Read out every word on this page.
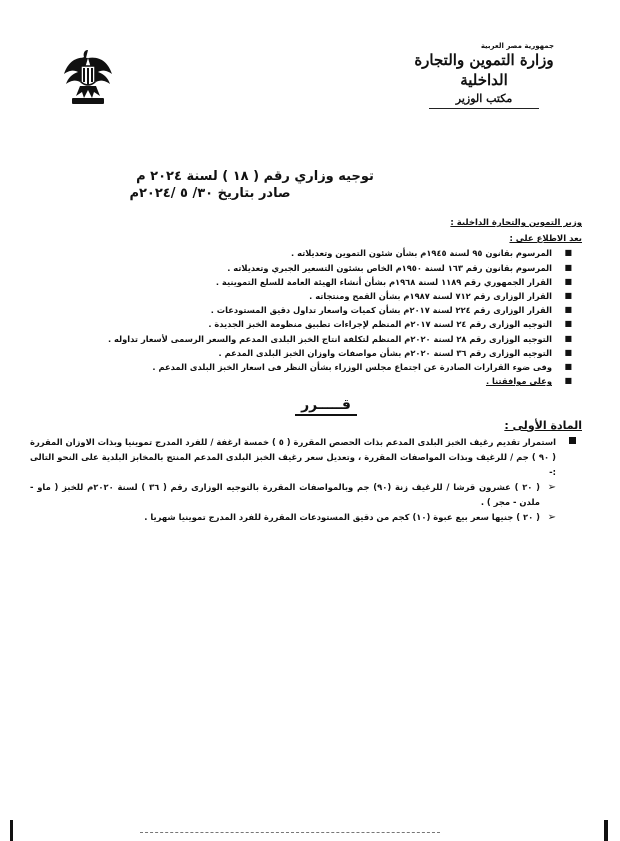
جمهورية مصر العربية
وزارة التموين والتجارة الداخلية
مكتب الوزير
توجيه وزاري رقم ( ١٨ ) لسنة ٢٠٢٤ م
صادر بتاريخ ٣٠/ ٥ /٢٠٢٤م
وزير التموين والتجارة الداخلية :
بعد الاطلاع على :
■
المرسوم بقانون ٩٥ لسنة ١٩٤٥م بشأن شئون التموين وتعديلاته .
■
المرسوم بقانون رقم ١٦٣ لسنة ١٩٥٠م الخاص بشئون التسعير الجبري وتعديلاته .
■
القرار الجمهوري رقم ١١٨٩ لسنة ١٩٦٨م بشأن أنشاء الهيئة العامة للسلع التموينية .
■
القرار الوزارى رقم ٧١٢ لسنة ١٩٨٧م بشأن القمح ومنتجاته .
■
القرار الوزارى رقم ٢٢٤ لسنة ٢٠١٧م بشأن كميات واسعار تداول دقيق المستودعات .
■
التوجيه الوزارى رقم ٢٤ لسنة ٢٠١٧م المنظم لإجراءات تطبيق منظومة الخبز الجديدة .
■
التوجيه الوزارى رقم ٢٨ لسنة ٢٠٢٠م المنظم لتكلفة انتاج الخبز البلدى المدعم والسعر الرسمى لأسعار تداوله .
■
التوجيه الوزارى رقم ٣٦ لسنة ٢٠٢٠م بشأن مواصفات واوزان الخبز البلدى المدعم .
■
وفى ضوء القرارات الصادرة عن اجتماع مجلس الوزراء بشأن النظر فى اسعار الخبز البلدى المدعم .
■
وعلى موافقتنا .
قـــــرر
المادة الأولى :
استمرار تقديم رغيف الخبز البلدى المدعم بذات الحصص المقررة ( ٥ ) خمسة ارغفة / للفرد المدرج تموينيا وبذات الاوزان المقررة ( ٩٠ ) جم / للرغيف وبذات المواصفات المقررة ، وتعديل سعر رغيف الخبز البلدى المدعم المنتج بالمخابز البلدية على النحو التالى :-
➢
( ٢٠ ) عشرون قرشا / للرغيف زنة (٩٠) جم وبالمواصفات المقررة بالتوجيه الوزارى رقم ( ٣٦ ) لسنة ٢٠٢٠م للخبز ( ماو - ملدن - مجر ) .
➢
( ٢٠ ) جنيها سعر بيع عبوة (١٠) كجم من دقيق المستودعات المقررة للفرد المدرج تموينيا شهريا .
